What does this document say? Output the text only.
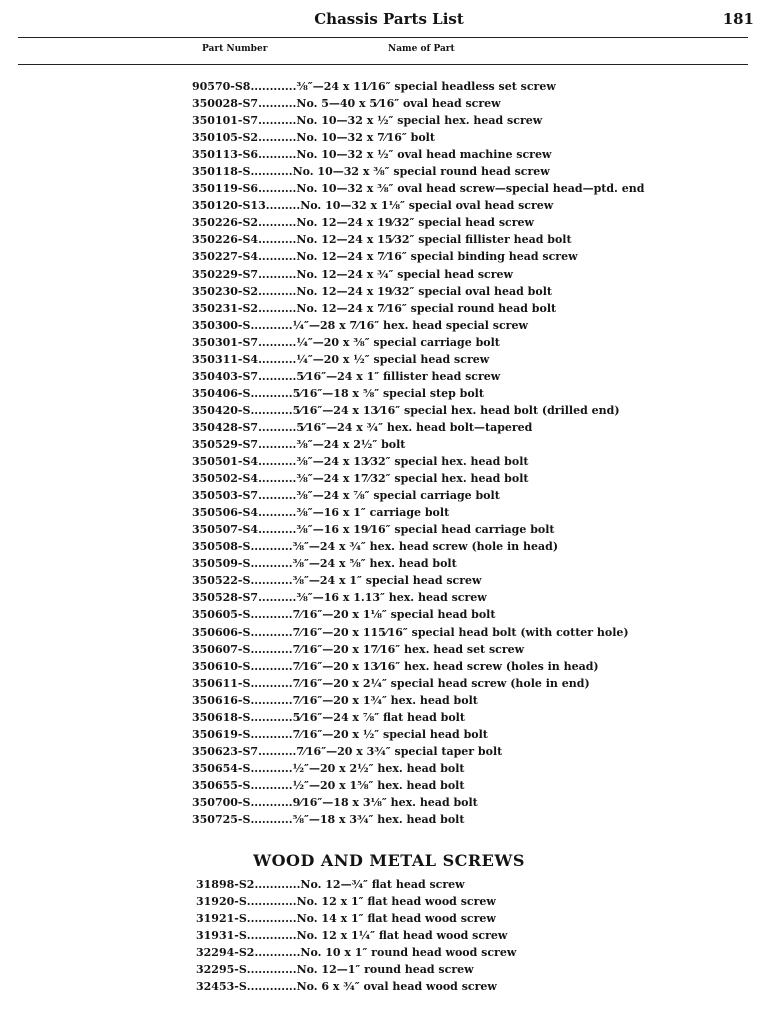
Chassis Parts List	181
Part Number	Name of Part
90570-S8............⅜″—24 x 11⁄16″ special headless set screw
350028-S7..........No. 5—40 x 5⁄16″ oval head screw
350101-S7..........No. 10—32 x ½″ special hex. head screw
350105-S2..........No. 10—32 x 7⁄16″ bolt
350113-S6..........No. 10—32 x ½″ oval head machine screw
350118-S...........No. 10—32 x ⅜″ special round head screw
350119-S6..........No. 10—32 x ⅜″ oval head screw—special head—ptd. end
350120-S13.........No. 10—32 x 1⅛″ special oval head screw
350226-S2..........No. 12—24 x 19⁄32″ special head screw
350226-S4..........No. 12—24 x 15⁄32″ special fillister head bolt
350227-S4..........No. 12—24 x 7⁄16″ special binding head screw
350229-S7..........No. 12—24 x ¾″ special head screw
350230-S2..........No. 12—24 x 19⁄32″ special oval head bolt
350231-S2..........No. 12—24 x 7⁄16″ special round head bolt
350300-S...........¼″—28 x 7⁄16″ hex. head special screw
350301-S7..........¼″—20 x ⅜″ special carriage bolt
350311-S4..........¼″—20 x ½″ special head screw
350403-S7..........5⁄16″—24 x 1″ fillister head screw
350406-S...........5⁄16″—18 x ⅝″ special step bolt
350420-S...........5⁄16″—24 x 13⁄16″ special hex. head bolt (drilled end)
350428-S7..........5⁄16″—24 x ¾″ hex. head bolt—tapered
350529-S7..........⅜″—24 x 2½″ bolt
350501-S4..........⅜″—24 x 13⁄32″ special hex. head bolt
350502-S4..........⅜″—24 x 17⁄32″ special hex. head bolt
350503-S7..........⅜″—24 x ⅞″ special carriage bolt
350506-S4..........⅜″—16 x 1″ carriage bolt
350507-S4..........⅜″—16 x 19⁄16″ special head carriage bolt
350508-S...........⅜″—24 x ¾″ hex. head screw (hole in head)
350509-S...........⅜″—24 x ⅝″ hex. head bolt
350522-S...........⅜″—24 x 1″ special head screw
350528-S7..........⅜″—16 x 1.13″ hex. head screw
350605-S...........7⁄16″—20 x 1⅛″ special head bolt
350606-S...........7⁄16″—20 x 115⁄16″ special head bolt (with cotter hole)
350607-S...........7⁄16″—20 x 17⁄16″ hex. head set screw
350610-S...........7⁄16″—20 x 13⁄16″ hex. head screw (holes in head)
350611-S...........7⁄16″—20 x 2¼″ special head screw (hole in end)
350616-S...........7⁄16″—20 x 1¾″ hex. head bolt
350618-S...........5⁄16″—24 x ⅞″ flat head bolt
350619-S...........7⁄16″—20 x ½″ special head bolt
350623-S7..........7⁄16″—20 x 3¾″ special taper bolt
350654-S...........½″—20 x 2½″ hex. head bolt
350655-S...........½″—20 x 1⅝″ hex. head bolt
350700-S...........9⁄16″—18 x 3⅛″ hex. head bolt
350725-S...........⅝″—18 x 3¾″ hex. head bolt
WOOD AND METAL SCREWS
31898-S2............No. 12—¾″ flat head screw
31920-S.............No. 12 x 1″ flat head wood screw
31921-S.............No. 14 x 1″ flat head wood screw
31931-S.............No. 12 x 1¼″ flat head wood screw
32294-S2............No. 10 x 1″ round head wood screw
32295-S.............No. 12—1″ round head screw
32453-S.............No. 6 x ¾″ oval head wood screw
